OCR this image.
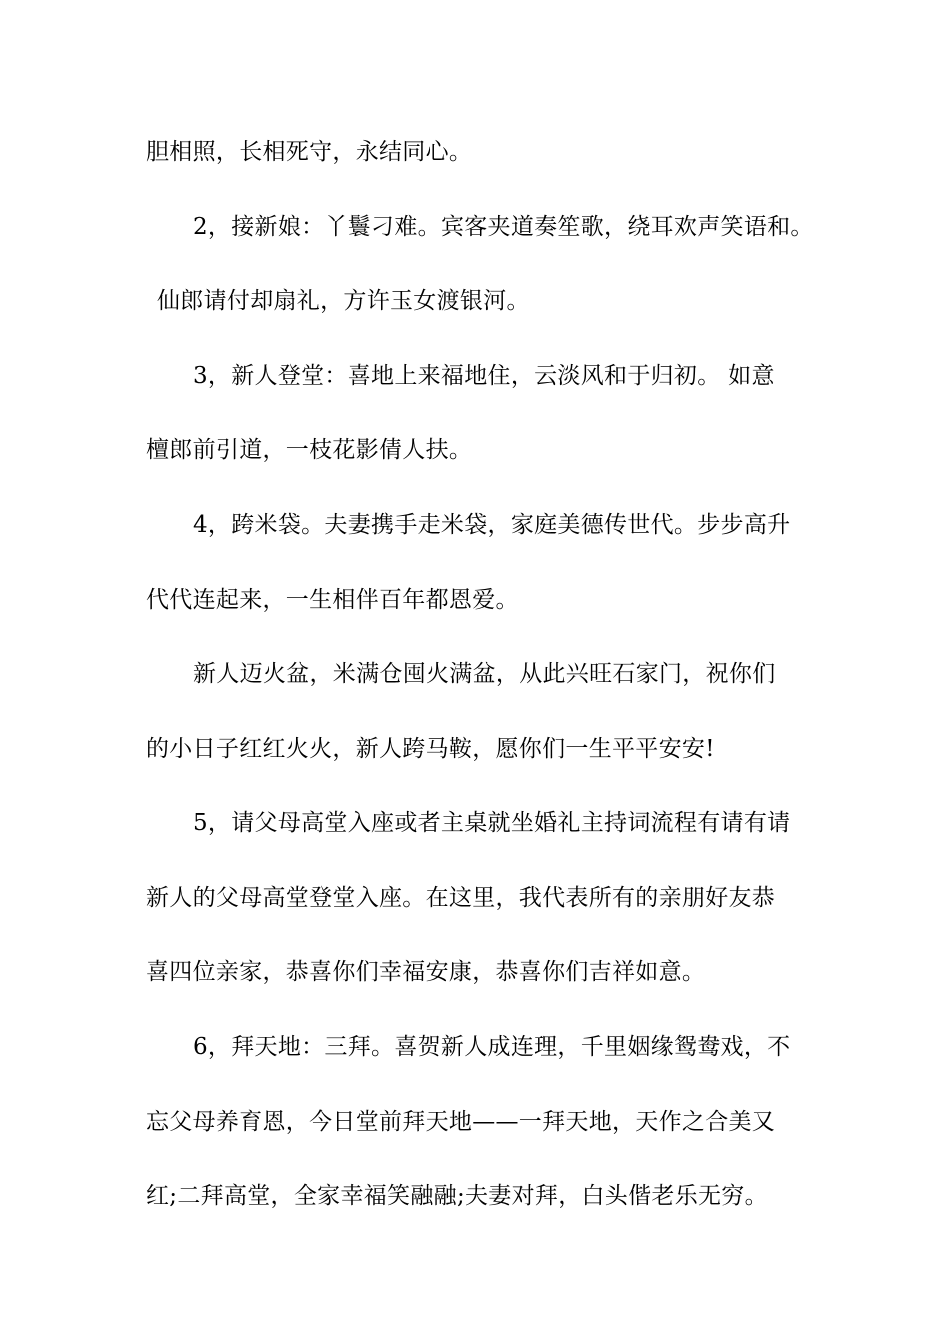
胆相照，长相死守，永结同心。
2，接新娘：丫鬟刁难。宾客夹道奏笙歌，绕耳欢声笑语和。
仙郎请付却扇礼，方许玉女渡银河。
3，新人登堂：喜地上来福地住，云淡风和于归初。 如意
檀郎前引道，一枝花影倩人扶。
4，跨米袋。夫妻携手走米袋，家庭美德传世代。步步高升
代代连起来，一生相伴百年都恩爱。
新人迈火盆，米满仓囤火满盆，从此兴旺石家门，祝你们
的小日子红红火火，新人跨马鞍，愿你们一生平平安安!
5，请父母高堂入座或者主桌就坐婚礼主持词流程有请有请
新人的父母高堂登堂入座。在这里，我代表所有的亲朋好友恭
喜四位亲家，恭喜你们幸福安康，恭喜你们吉祥如意。
6，拜天地：三拜。喜贺新人成连理，千里姻缘鸳鸯戏，不
忘父母养育恩，今日堂前拜天地——一拜天地，天作之合美又
红;二拜高堂，全家幸福笑融融;夫妻对拜，白头偕老乐无穷。
